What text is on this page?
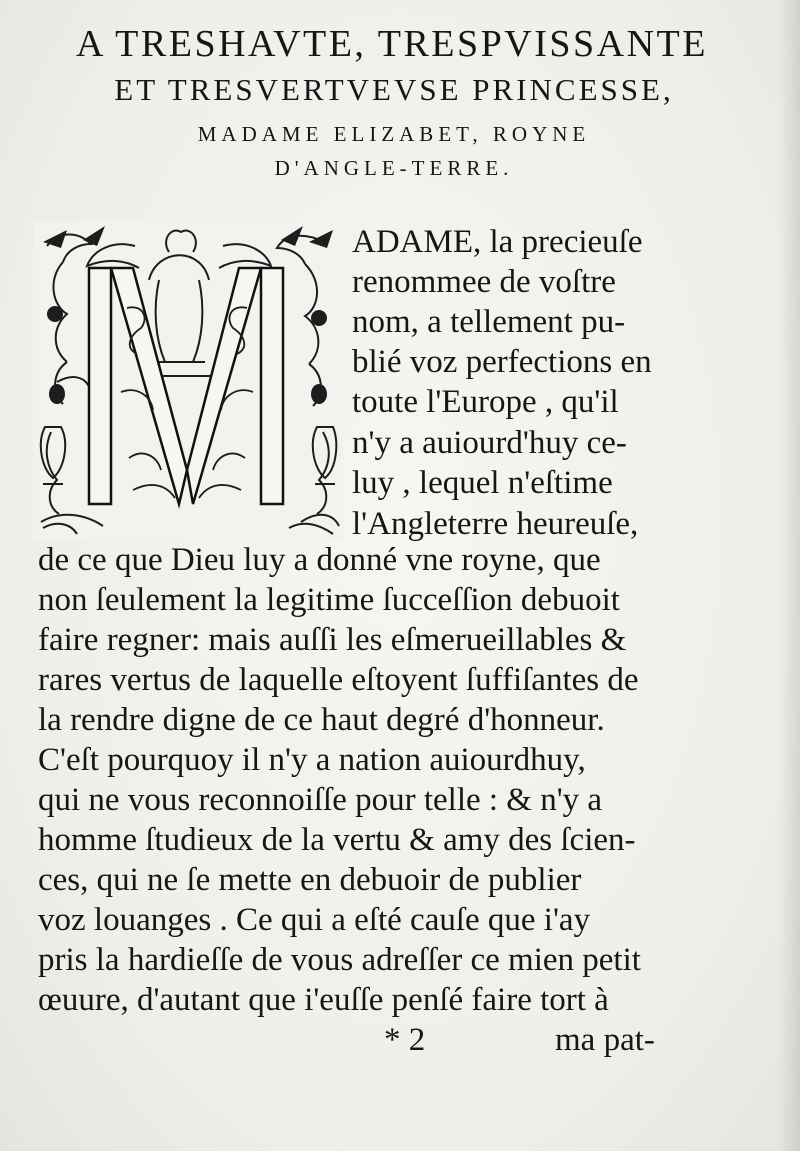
A TRESHAVTE, TRESPVISSANTE
ET TRESVERTVEVSE PRINCESSE,
MADAME ELIZABET, ROYNE
D'ANGLE-TERRE.
ADAME, la precieuſe
renommee de voſtre
nom, a tellement pu-
blié voz perfections en
toute l'Europe , qu'il
n'y a auiourd'huy ce-
luy , lequel n'eſtime
l'Angleterre heureuſe,
de ce que Dieu luy a donné vne royne, que
non ſeulement la legitime ſucceſſion debuoit
faire regner: mais auſſi les eſmerueillables &
rares vertus de laquelle eſtoyent ſuffiſantes de
la rendre digne de ce haut degré d'honneur.
C'eſt pourquoy il n'y a nation auiourdhuy,
qui ne vous reconnoiſſe pour telle : & n'y a
homme ſtudieux de la vertu & amy des ſcien-
ces, qui ne ſe mette en debuoir de publier
voz louanges . Ce qui a eſté cauſe que i'ay
pris la hardieſſe de vous adreſſer ce mien petit
œuure, d'autant que i'euſſe penſé faire tort à
* 2	ma pat-
